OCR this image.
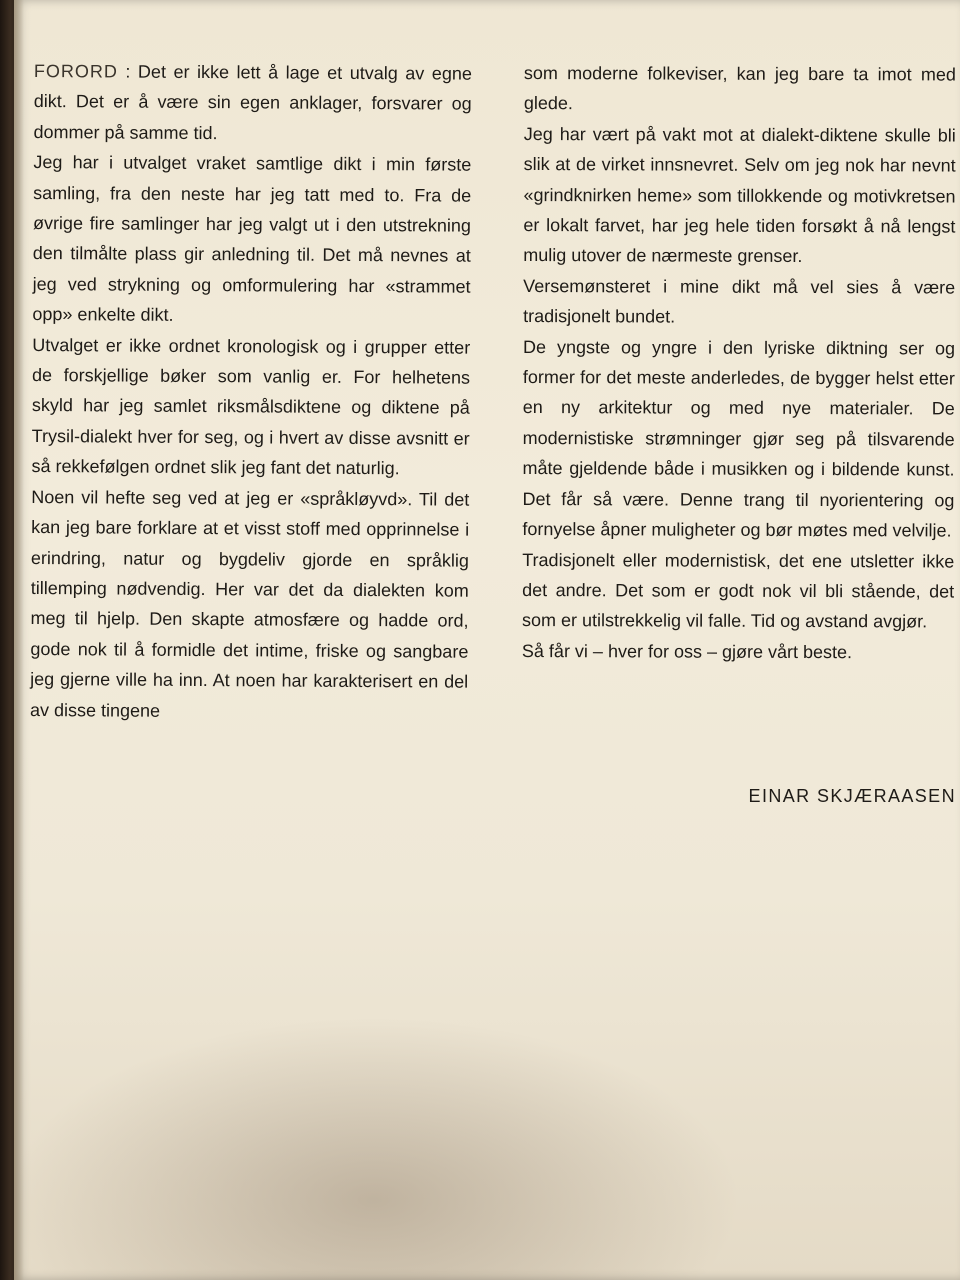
FORORD : Det er ikke lett å lage et utvalg av egne dikt. Det er å være sin egen anklager, forsvarer og dommer på samme tid.

Jeg har i utvalget vraket samtlige dikt i min første samling, fra den neste har jeg tatt med to. Fra de øvrige fire samlinger har jeg valgt ut i den utstrekning den tilmålte plass gir anledning til. Det må nevnes at jeg ved strykning og omformulering har «strammet opp» enkelte dikt.

Utvalget er ikke ordnet kronologisk og i grupper etter de forskjellige bøker som vanlig er. For helhetens skyld har jeg samlet riksmålsdiktene og diktene på Trysil-dialekt hver for seg, og i hvert av disse avsnitt er så rekkefølgen ordnet slik jeg fant det naturlig.

Noen vil hefte seg ved at jeg er «språkløyvd». Til det kan jeg bare forklare at et visst stoff med opprinnelse i erindring, natur og bygdeliv gjorde en språklig tillemping nødvendig. Her var det da dialekten kom meg til hjelp. Den skapte atmosfære og hadde ord, gode nok til å formidle det intime, friske og sangbare jeg gjerne ville ha inn. At noen har karakterisert en del av disse tingene

som moderne folkeviser, kan jeg bare ta imot med glede.

Jeg har vært på vakt mot at dialekt-diktene skulle bli slik at de virket innsnevret. Selv om jeg nok har nevnt «grindknirken heme» som tillokkende og motivkretsen er lokalt farvet, har jeg hele tiden forsøkt å nå lengst mulig utover de nærmeste grenser.

Versemønsteret i mine dikt må vel sies å være tradisjonelt bundet.

De yngste og yngre i den lyriske diktning ser og former for det meste anderledes, de bygger helst etter en ny arkitektur og med nye materialer. De modernistiske strømninger gjør seg på tilsvarende måte gjeldende både i musikken og i bildende kunst. Det får så være. Denne trang til nyorientering og fornyelse åpner muligheter og bør møtes med velvilje.

Tradisjonelt eller modernistisk, det ene utsletter ikke det andre. Det som er godt nok vil bli stående, det som er utilstrekkelig vil falle. Tid og avstand avgjør.

Så får vi – hver for oss – gjøre vårt beste.

EINAR SKJÆRAASEN
